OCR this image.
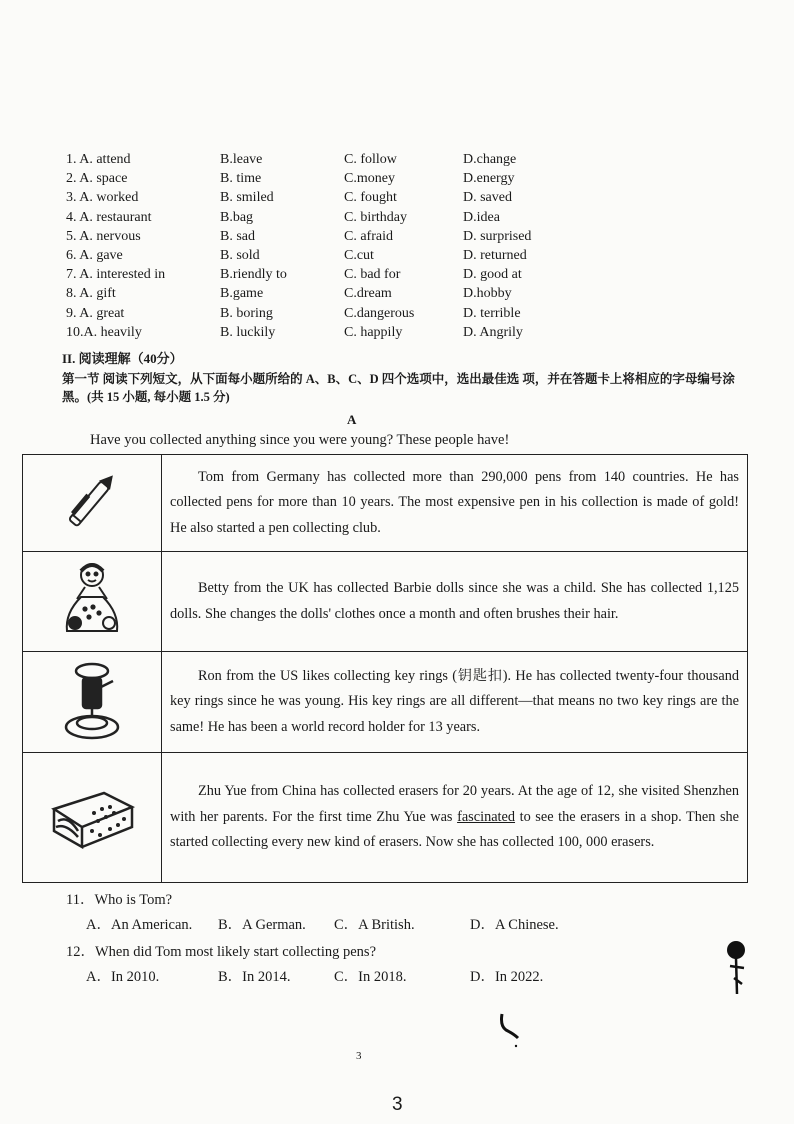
1. A. attend	B.leave	C. follow	D.change
2. A. space	B. time	C.money	D.energy
3. A. worked	B. smiled	C. fought	D. saved
4. A. restaurant	B.bag	C. birthday	D.idea
5. A. nervous	B. sad	C. afraid	D. surprised
6. A. gave	B. sold	C.cut	D. returned
7. A. interested in	B.riendly to	C. bad for	D. good at
8. A. gift	B.game	C.dream	D.hobby
9. A. great	B. boring	C.dangerous	D. terrible
10.A. heavily	B. luckily	C. happily	D. Angrily
II. 阅读理解（40分）
第一节 阅读下列短文，从下面每小题所给的 A、B、C、D 四个选项中，选出最佳选 项，并在答题卡上将相应的字母编号涂黑。(共 15 小题, 每小题 1.5 分)
A
Have you collected anything since you were young? These people have!

Tom from Germany has collected more than 290,000 pens from 140 countries. He has collected pens for more than 10 years. The most expensive pen in his collection is made of gold! He also started a pen collecting club.

Betty from the UK has collected Barbie dolls since she was a child. She has collected 1,125 dolls. She changes the dolls' clothes once a month and often brushes their hair.

Ron from the US likes collecting key rings (钥匙扣). He has collected twenty-four thousand key rings since he was young. His key rings are all different—that means no two key rings are the same! He has been a world record holder for 13 years.

Zhu Yue from China has collected erasers for 20 years. At the age of 12, she visited Shenzhen with her parents. For the first time Zhu Yue was fascinated to see the erasers in a shop. Then she started collecting every new kind of erasers. Now she has collected 100, 000 erasers.
11．Who is Tom?
A．An American. B．A German. C．A British.	D．A Chinese.
12．When did Tom most likely start collecting pens?
A．In 2010.	B．In 2014.	C．In 2018.	D．In 2022.
3
3
